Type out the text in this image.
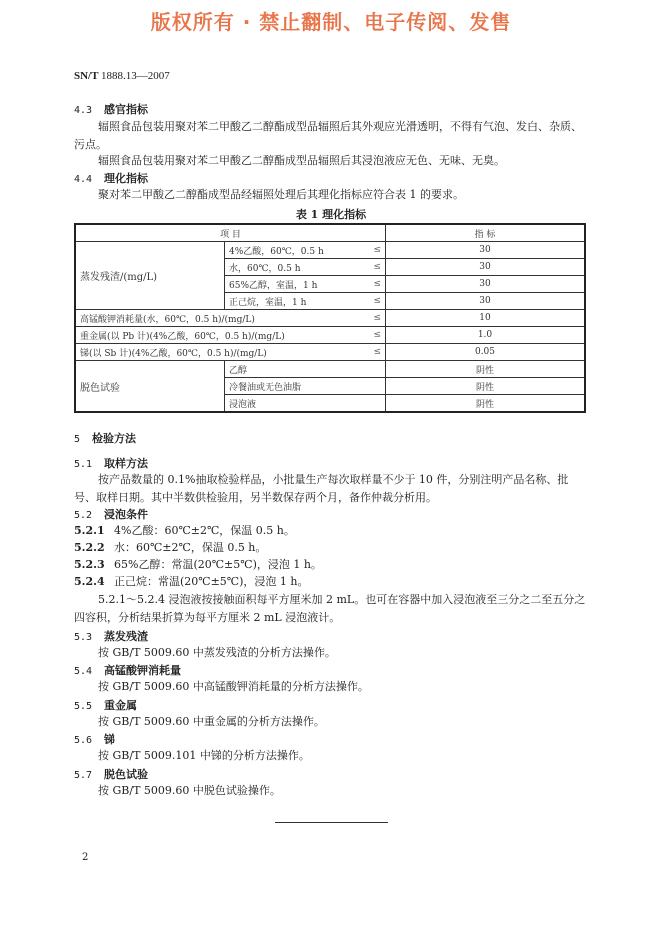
版权所有 · 禁止翻制、电子传阅、发售
SN/T 1888.13—2007
4.3 感官指标
辐照食品包装用聚对苯二甲酸乙二醇酯成型品辐照后其外观应光滑透明，不得有气泡、发白、杂质、污点。
辐照食品包装用聚对苯二甲酸乙二醇酯成型品辐照后其浸泡液应无色、无味、无臭。
4.4 理化指标
聚对苯二甲酸乙二醇酯成型品经辐照处理后其理化指标应符合表 1 的要求。
表 1 理化指标
项 目			指 标
蒸发残渣/(mg/L)	4%乙酸，60℃，0.5 h	≤	30
	水，60℃，0.5 h	≤	30
	65%乙醇，室温，1 h	≤	30
	正己烷，室温，1 h	≤	30
高锰酸钾消耗量(水，60℃，0.5 h)/(mg/L)		≤	10
重金属(以 Pb 计)(4%乙酸，60℃，0.5 h)/(mg/L)		≤	1.0
锑(以 Sb 计)(4%乙酸，60℃，0.5 h)/(mg/L)		≤	0.05
脱色试验	乙醇		阴性
	冷餐油或无色油脂		阴性
	浸泡液		阴性
5 检验方法
5.1 取样方法
按产品数量的 0.1%抽取检验样品，小批量生产每次取样量不少于 10 件，分别注明产品名称、批号、取样日期。其中半数供检验用，另半数保存两个月，备作仲裁分析用。
5.2 浸泡条件
5.2.1 4%乙酸：60℃±2℃，保温 0.5 h。
5.2.2 水：60℃±2℃，保温 0.5 h。
5.2.3 65%乙醇：常温(20℃±5℃)，浸泡 1 h。
5.2.4 正己烷：常温(20℃±5℃)，浸泡 1 h。
5.2.1～5.2.4 浸泡液按接触面积每平方厘米加 2 mL。也可在容器中加入浸泡液至三分之二至五分之四容积，分析结果折算为每平方厘米 2 mL 浸泡液计。
5.3 蒸发残渣
按 GB/T 5009.60 中蒸发残渣的分析方法操作。
5.4 高锰酸钾消耗量
按 GB/T 5009.60 中高锰酸钾消耗量的分析方法操作。
5.5 重金属
按 GB/T 5009.60 中重金属的分析方法操作。
5.6 锑
按 GB/T 5009.101 中锑的分析方法操作。
5.7 脱色试验
按 GB/T 5009.60 中脱色试验操作。
2
